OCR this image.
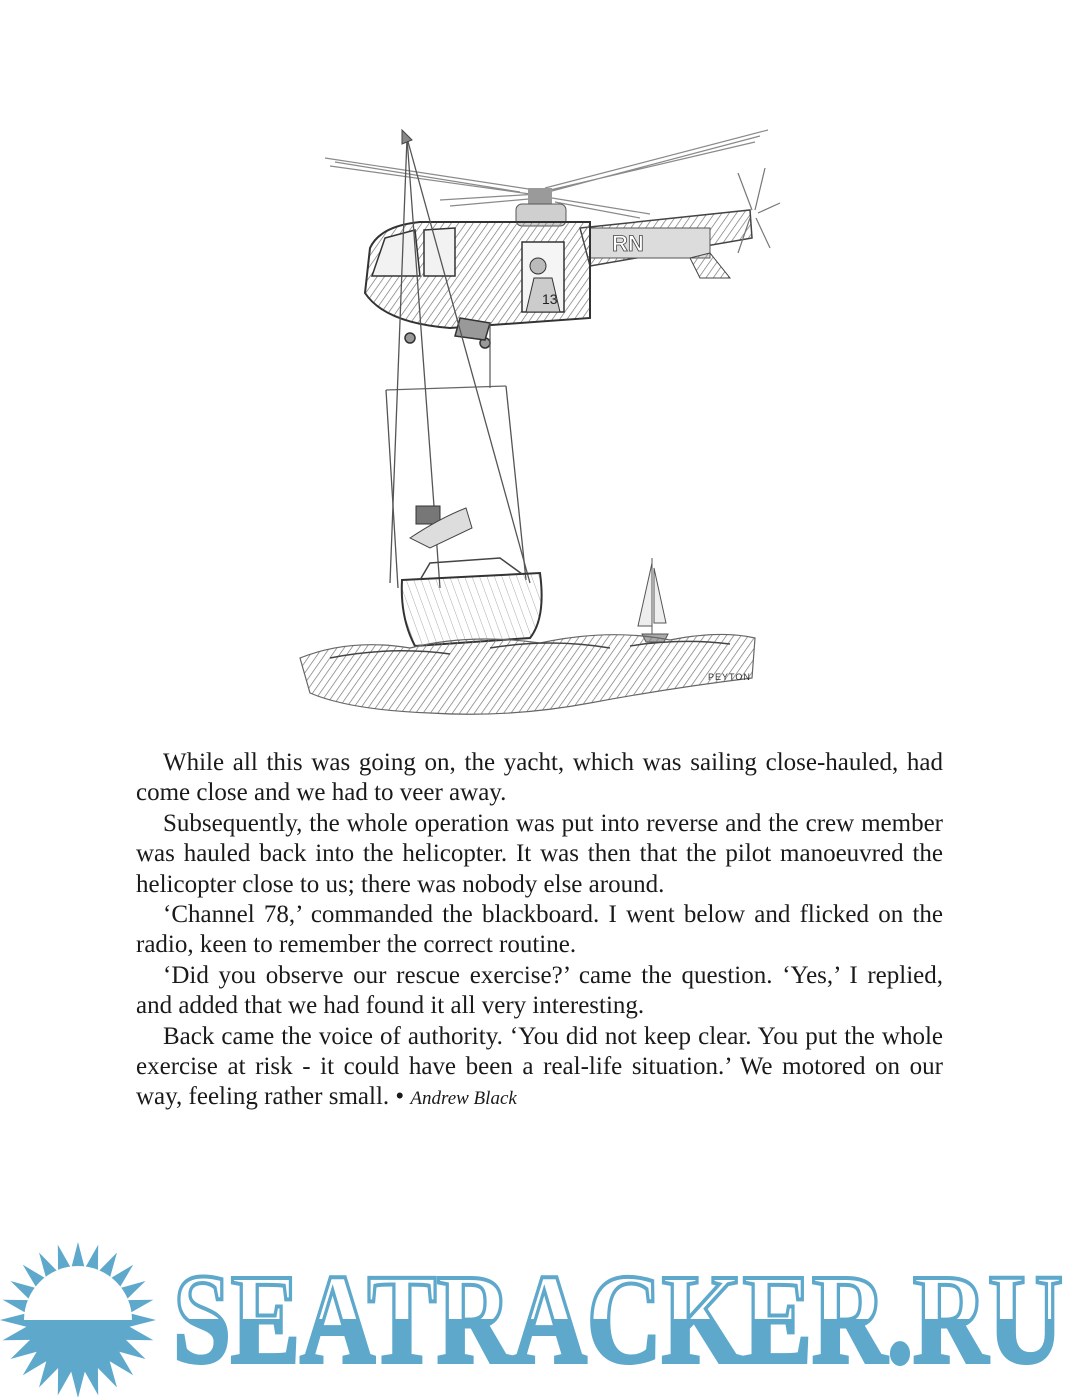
RN
13
PEYTON

While all this was going on, the yacht, which was sailing close-hauled, had come close and we had to veer away.

Subsequently, the whole operation was put into reverse and the crew member was hauled back into the helicopter. It was then that the pilot manoeuvred the helicopter close to us; there was nobody else around.

‘Channel 78,’ commanded the blackboard. I went below and flicked on the radio, keen to remember the correct routine.

‘Did you observe our rescue exercise?’ came the question. ‘Yes,’ I replied, and added that we had found it all very interesting.

Back came the voice of authority. ‘You did not keep clear. You put the whole exercise at risk - it could have been a real-life situation.’ We motored on our way, feeling rather small. • Andrew Black

SEATRACKER.RU
